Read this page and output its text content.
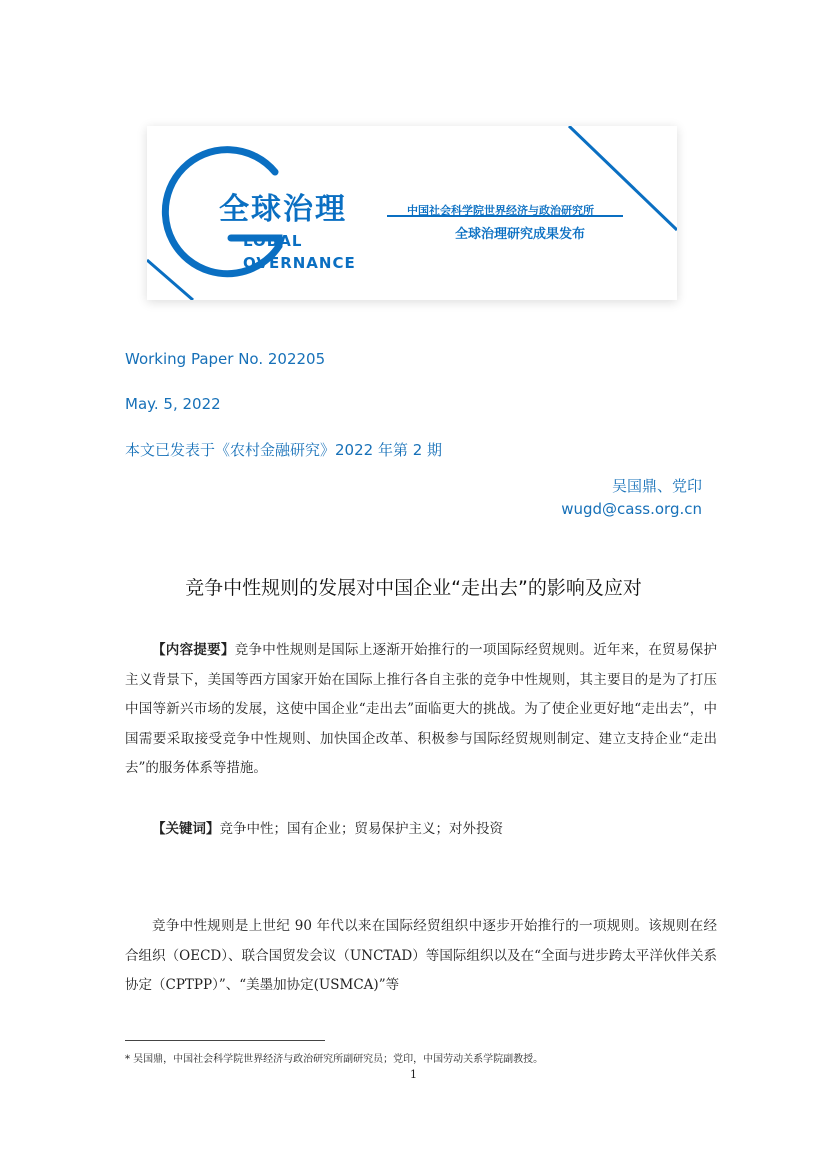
全球治理
LOBAL
OVERNANCE
中国社会科学院世界经济与政治研究所
全球治理研究成果发布
Working Paper No. 202205
May. 5, 2022
本文已发表于《农村金融研究》2022 年第 2 期
吴国鼎、党印
wugd@cass.org.cn
竞争中性规则的发展对中国企业“走出去”的影响及应对
【内容提要】竞争中性规则是国际上逐渐开始推行的一项国际经贸规则。近年来，在贸易保护主义背景下，美国等西方国家开始在国际上推行各自主张的竞争中性规则，其主要目的是为了打压中国等新兴市场的发展，这使中国企业“走出去”面临更大的挑战。为了使企业更好地“走出去”，中国需要采取接受竞争中性规则、加快国企改革、积极参与国际经贸规则制定、建立支持企业“走出去”的服务体系等措施。
【关键词】竞争中性；国有企业；贸易保护主义；对外投资
竞争中性规则是上世纪 90 年代以来在国际经贸组织中逐步开始推行的一项规则。该规则在经合组织（OECD）、联合国贸发会议（UNCTAD）等国际组织以及在“全面与进步跨太平洋伙伴关系协定（CPTPP）”、“美墨加协定(USMCA)”等
* 吴国鼎，中国社会科学院世界经济与政治研究所副研究员；党印，中国劳动关系学院副教授。
1
